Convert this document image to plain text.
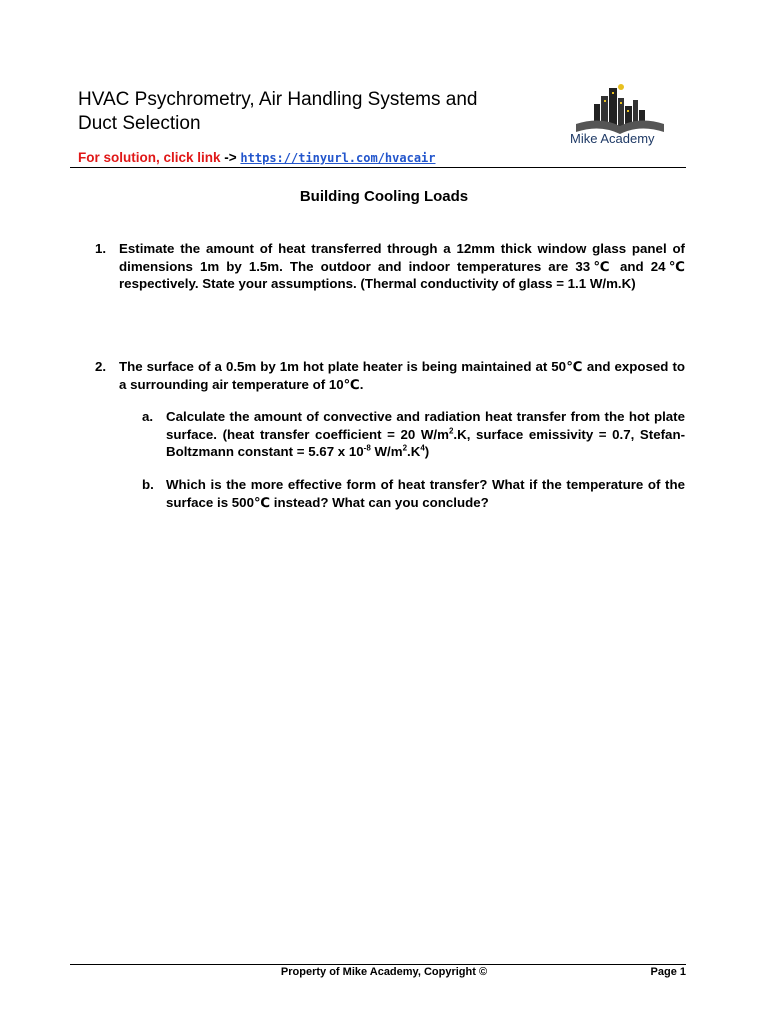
HVAC Psychrometry, Air Handling Systems and
Duct Selection
Mike Academy
For solution, click link -> https://tinyurl.com/hvacair
Building Cooling Loads
1. Estimate the amount of heat transferred through a 12mm thick window glass panel of dimensions 1m by 1.5m. The outdoor and indoor temperatures are 33℃ and 24℃ respectively. State your assumptions. (Thermal conductivity of glass = 1.1 W/m.K)
2. The surface of a 0.5m by 1m hot plate heater is being maintained at 50℃ and exposed to a surrounding air temperature of 10℃.
a. Calculate the amount of convective and radiation heat transfer from the hot plate surface. (heat transfer coefficient = 20 $W/m^2.K$, surface emissivity = 0.7, Stefan-Boltzmann constant = 5.67 x $10^{-8}$ $W/m^2.K^4$)
b. Which is the more effective form of heat transfer? What if the temperature of the surface is 500℃ instead? What can you conclude?
Property of Mike Academy, Copyright ©	Page 1
